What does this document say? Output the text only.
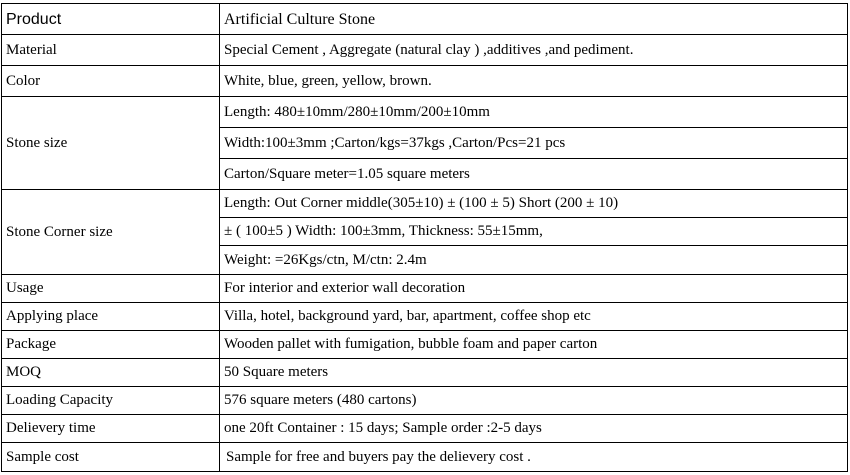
Product	Artificial Culture Stone
Material	Special Cement , Aggregate (natural clay ) ,additives ,and pediment.
Color	White, blue, green, yellow, brown.
Stone size	Length: 480±10mm/280±10mm/200±10mm
	Width:100±3mm ;Carton/kgs=37kgs ,Carton/Pcs=21 pcs
	Carton/Square meter=1.05 square meters
Stone Corner size	Length: Out Corner middle(305±10) ± (100 ± 5) Short (200 ± 10)
	± ( 100±5 ) Width: 100±3mm, Thickness: 55±15mm,
	Weight: =26Kgs/ctn, M/ctn: 2.4m
Usage	For interior and exterior wall decoration
Applying place	Villa, hotel, background yard, bar, apartment, coffee shop etc
Package	Wooden pallet with fumigation, bubble foam and paper carton
MOQ	50 Square meters
Loading Capacity	576 square meters (480 cartons)
Delievery time	one 20ft Container : 15 days; Sample order :2-5 days
Sample cost	Sample for free and buyers pay the delievery cost .
